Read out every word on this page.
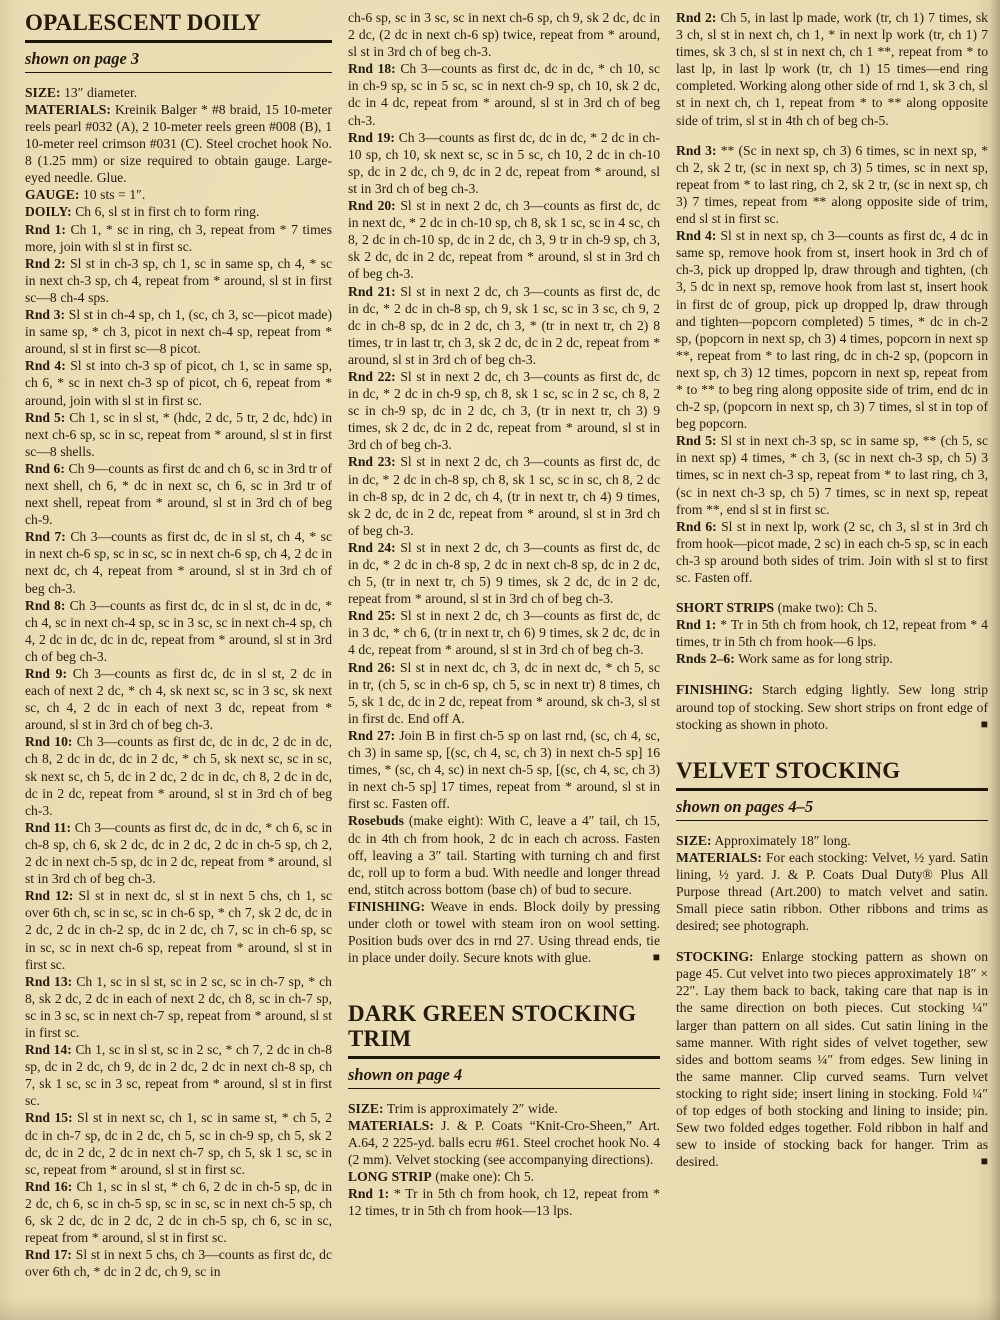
OPALESCENT DOILY
shown on page 3

SIZE: 13″ diameter.

MATERIALS: Kreinik Balger * #8 braid, 15 10-meter reels pearl #032 (A), 2 10-meter reels green #008 (B), 1 10-meter reel crimson #031 (C). Steel crochet hook No. 8 (1.25 mm) or size required to obtain gauge. Large-eyed needle. Glue.

GAUGE: 10 sts = 1″.

DOILY: Ch 6, sl st in first ch to form ring.

Rnd 1: Ch 1, * sc in ring, ch 3, repeat from * 7 times more, join with sl st in first sc.

Rnd 2: Sl st in ch-3 sp, ch 1, sc in same sp, ch 4, * sc in next ch-3 sp, ch 4, repeat from * around, sl st in first sc—8 ch-4 sps.

Rnd 3: Sl st in ch-4 sp, ch 1, (sc, ch 3, sc—picot made) in same sp, * ch 3, picot in next ch-4 sp, repeat from * around, sl st in first sc—8 picot.

Rnd 4: Sl st into ch-3 sp of picot, ch 1, sc in same sp, ch 6, * sc in next ch-3 sp of picot, ch 6, repeat from * around, join with sl st in first sc.

Rnd 5: Ch 1, sc in sl st, * (hdc, 2 dc, 5 tr, 2 dc, hdc) in next ch-6 sp, sc in sc, repeat from * around, sl st in first sc—8 shells.

Rnd 6: Ch 9—counts as first dc and ch 6, sc in 3rd tr of next shell, ch 6, * dc in next sc, ch 6, sc in 3rd tr of next shell, repeat from * around, sl st in 3rd ch of beg ch-9.

Rnd 7: Ch 3—counts as first dc, dc in sl st, ch 4, * sc in next ch-6 sp, sc in sc, sc in next ch-6 sp, ch 4, 2 dc in next dc, ch 4, repeat from * around, sl st in 3rd ch of beg ch-3.

Rnd 8: Ch 3—counts as first dc, dc in sl st, dc in dc, * ch 4, sc in next ch-4 sp, sc in 3 sc, sc in next ch-4 sp, ch 4, 2 dc in dc, dc in dc, repeat from * around, sl st in 3rd ch of beg ch-3.

Rnd 9: Ch 3—counts as first dc, dc in sl st, 2 dc in each of next 2 dc, * ch 4, sk next sc, sc in 3 sc, sk next sc, ch 4, 2 dc in each of next 3 dc, repeat from * around, sl st in 3rd ch of beg ch-3.

Rnd 10: Ch 3—counts as first dc, dc in dc, 2 dc in dc, ch 8, 2 dc in dc, dc in 2 dc, * ch 5, sk next sc, sc in sc, sk next sc, ch 5, dc in 2 dc, 2 dc in dc, ch 8, 2 dc in dc, dc in 2 dc, repeat from * around, sl st in 3rd ch of beg ch-3.

Rnd 11: Ch 3—counts as first dc, dc in dc, * ch 6, sc in ch-8 sp, ch 6, sk 2 dc, dc in 2 dc, 2 dc in ch-5 sp, ch 2, 2 dc in next ch-5 sp, dc in 2 dc, repeat from * around, sl st in 3rd ch of beg ch-3.

Rnd 12: Sl st in next dc, sl st in next 5 chs, ch 1, sc over 6th ch, sc in sc, sc in ch-6 sp, * ch 7, sk 2 dc, dc in 2 dc, 2 dc in ch-2 sp, dc in 2 dc, ch 7, sc in ch-6 sp, sc in sc, sc in next ch-6 sp, repeat from * around, sl st in first sc.

Rnd 13: Ch 1, sc in sl st, sc in 2 sc, sc in ch-7 sp, * ch 8, sk 2 dc, 2 dc in each of next 2 dc, ch 8, sc in ch-7 sp, sc in 3 sc, sc in next ch-7 sp, repeat from * around, sl st in first sc.

Rnd 14: Ch 1, sc in sl st, sc in 2 sc, * ch 7, 2 dc in ch-8 sp, dc in 2 dc, ch 9, dc in 2 dc, 2 dc in next ch-8 sp, ch 7, sk 1 sc, sc in 3 sc, repeat from * around, sl st in first sc.

Rnd 15: Sl st in next sc, ch 1, sc in same st, * ch 5, 2 dc in ch-7 sp, dc in 2 dc, ch 5, sc in ch-9 sp, ch 5, sk 2 dc, dc in 2 dc, 2 dc in next ch-7 sp, ch 5, sk 1 sc, sc in sc, repeat from * around, sl st in first sc.

Rnd 16: Ch 1, sc in sl st, * ch 6, 2 dc in ch-5 sp, dc in 2 dc, ch 6, sc in ch-5 sp, sc in sc, sc in next ch-5 sp, ch 6, sk 2 dc, dc in 2 dc, 2 dc in ch-5 sp, ch 6, sc in sc, repeat from * around, sl st in first sc.

Rnd 17: Sl st in next 5 chs, ch 3—counts as first dc, dc over 6th ch, * dc in 2 dc, ch 9, sc in

ch-6 sp, sc in 3 sc, sc in next ch-6 sp, ch 9, sk 2 dc, dc in 2 dc, (2 dc in next ch-6 sp) twice, repeat from * around, sl st in 3rd ch of beg ch-3.

Rnd 18: Ch 3—counts as first dc, dc in dc, * ch 10, sc in ch-9 sp, sc in 5 sc, sc in next ch-9 sp, ch 10, sk 2 dc, dc in 4 dc, repeat from * around, sl st in 3rd ch of beg ch-3.

Rnd 19: Ch 3—counts as first dc, dc in dc, * 2 dc in ch-10 sp, ch 10, sk next sc, sc in 5 sc, ch 10, 2 dc in ch-10 sp, dc in 2 dc, ch 9, dc in 2 dc, repeat from * around, sl st in 3rd ch of beg ch-3.

Rnd 20: Sl st in next 2 dc, ch 3—counts as first dc, dc in next dc, * 2 dc in ch-10 sp, ch 8, sk 1 sc, sc in 4 sc, ch 8, 2 dc in ch-10 sp, dc in 2 dc, ch 3, 9 tr in ch-9 sp, ch 3, sk 2 dc, dc in 2 dc, repeat from * around, sl st in 3rd ch of beg ch-3.

Rnd 21: Sl st in next 2 dc, ch 3—counts as first dc, dc in dc, * 2 dc in ch-8 sp, ch 9, sk 1 sc, sc in 3 sc, ch 9, 2 dc in ch-8 sp, dc in 2 dc, ch 3, * (tr in next tr, ch 2) 8 times, tr in last tr, ch 3, sk 2 dc, dc in 2 dc, repeat from * around, sl st in 3rd ch of beg ch-3.

Rnd 22: Sl st in next 2 dc, ch 3—counts as first dc, dc in dc, * 2 dc in ch-9 sp, ch 8, sk 1 sc, sc in 2 sc, ch 8, 2 sc in ch-9 sp, dc in 2 dc, ch 3, (tr in next tr, ch 3) 9 times, sk 2 dc, dc in 2 dc, repeat from * around, sl st in 3rd ch of beg ch-3.

Rnd 23: Sl st in next 2 dc, ch 3—counts as first dc, dc in dc, * 2 dc in ch-8 sp, ch 8, sk 1 sc, sc in sc, ch 8, 2 dc in ch-8 sp, dc in 2 dc, ch 4, (tr in next tr, ch 4) 9 times, sk 2 dc, dc in 2 dc, repeat from * around, sl st in 3rd ch of beg ch-3.

Rnd 24: Sl st in next 2 dc, ch 3—counts as first dc, dc in dc, * 2 dc in ch-8 sp, 2 dc in next ch-8 sp, dc in 2 dc, ch 5, (tr in next tr, ch 5) 9 times, sk 2 dc, dc in 2 dc, repeat from * around, sl st in 3rd ch of beg ch-3.

Rnd 25: Sl st in next 2 dc, ch 3—counts as first dc, dc in 3 dc, * ch 6, (tr in next tr, ch 6) 9 times, sk 2 dc, dc in 4 dc, repeat from * around, sl st in 3rd ch of beg ch-3.

Rnd 26: Sl st in next dc, ch 3, dc in next dc, * ch 5, sc in tr, (ch 5, sc in ch-6 sp, ch 5, sc in next tr) 8 times, ch 5, sk 1 dc, dc in 2 dc, repeat from * around, sk ch-3, sl st in first dc. End off A.

Rnd 27: Join B in first ch-5 sp on last rnd, (sc, ch 4, sc, ch 3) in same sp, [(sc, ch 4, sc, ch 3) in next ch-5 sp] 16 times, * (sc, ch 4, sc) in next ch-5 sp, [(sc, ch 4, sc, ch 3) in next ch-5 sp] 17 times, repeat from * around, sl st in first sc. Fasten off.

Rosebuds (make eight): With C, leave a 4″ tail, ch 15, dc in 4th ch from hook, 2 dc in each ch across. Fasten off, leaving a 3″ tail. Starting with turning ch and first dc, roll up to form a bud. With needle and longer thread end, stitch across bottom (base ch) of bud to secure.

FINISHING: Weave in ends. Block doily by pressing under cloth or towel with steam iron on wool setting. Position buds over dcs in rnd 27. Using thread ends, tie in place under doily. Secure knots with glue.	■

DARK GREEN STOCKING TRIM
shown on page 4

SIZE: Trim is approximately 2″ wide.

MATERIALS: J. & P. Coats “Knit-Cro-Sheen,” Art. A.64, 2 225-yd. balls ecru #61. Steel crochet hook No. 4 (2 mm). Velvet stocking (see accompanying directions).

LONG STRIP (make one): Ch 5.

Rnd 1: * Tr in 5th ch from hook, ch 12, repeat from * 12 times, tr in 5th ch from hook—13 lps.

Rnd 2: Ch 5, in last lp made, work (tr, ch 1) 7 times, sk 3 ch, sl st in next ch, ch 1, * in next lp work (tr, ch 1) 7 times, sk 3 ch, sl st in next ch, ch 1 **, repeat from * to last lp, in last lp work (tr, ch 1) 15 times—end ring completed. Working along other side of rnd 1, sk 3 ch, sl st in next ch, ch 1, repeat from * to ** along opposite side of trim, sl st in 4th ch of beg ch-5.

Rnd 3: ** (Sc in next sp, ch 3) 6 times, sc in next sp, * ch 2, sk 2 tr, (sc in next sp, ch 3) 5 times, sc in next sp, repeat from * to last ring, ch 2, sk 2 tr, (sc in next sp, ch 3) 7 times, repeat from ** along opposite side of trim, end sl st in first sc.

Rnd 4: Sl st in next sp, ch 3—counts as first dc, 4 dc in same sp, remove hook from st, insert hook in 3rd ch of ch-3, pick up dropped lp, draw through and tighten, (ch 3, 5 dc in next sp, remove hook from last st, insert hook in first dc of group, pick up dropped lp, draw through and tighten—popcorn completed) 5 times, * dc in ch-2 sp, (popcorn in next sp, ch 3) 4 times, popcorn in next sp **, repeat from * to last ring, dc in ch-2 sp, (popcorn in next sp, ch 3) 12 times, popcorn in next sp, repeat from * to ** to beg ring along opposite side of trim, end dc in ch-2 sp, (popcorn in next sp, ch 3) 7 times, sl st in top of beg popcorn.

Rnd 5: Sl st in next ch-3 sp, sc in same sp, ** (ch 5, sc in next sp) 4 times, * ch 3, (sc in next ch-3 sp, ch 5) 3 times, sc in next ch-3 sp, repeat from * to last ring, ch 3, (sc in next ch-3 sp, ch 5) 7 times, sc in next sp, repeat from **, end sl st in first sc.

Rnd 6: Sl st in next lp, work (2 sc, ch 3, sl st in 3rd ch from hook—picot made, 2 sc) in each ch-5 sp, sc in each ch-3 sp around both sides of trim. Join with sl st to first sc. Fasten off.

SHORT STRIPS (make two): Ch 5.

Rnd 1: * Tr in 5th ch from hook, ch 12, repeat from * 4 times, tr in 5th ch from hook—6 lps.

Rnds 2–6: Work same as for long strip.

FINISHING: Starch edging lightly. Sew long strip around top of stocking. Sew short strips on front edge of stocking as shown in photo.	■

VELVET STOCKING
shown on pages 4–5

SIZE: Approximately 18″ long.

MATERIALS: For each stocking: Velvet, ½ yard. Satin lining, ½ yard. J. & P. Coats Dual Duty® Plus All Purpose thread (Art.200) to match velvet and satin. Small piece satin ribbon. Other ribbons and trims as desired; see photograph.

STOCKING: Enlarge stocking pattern as shown on page 45. Cut velvet into two pieces approximately 18″ × 22″. Lay them back to back, taking care that nap is in the same direction on both pieces. Cut stocking ¼″ larger than pattern on all sides. Cut satin lining in the same manner. With right sides of velvet together, sew sides and bottom seams ¼″ from edges. Sew lining in the same manner. Clip curved seams. Turn velvet stocking to right side; insert lining in stocking. Fold ¼″ of top edges of both stocking and lining to inside; pin. Sew two folded edges together. Fold ribbon in half and sew to inside of stocking back for hanger. Trim as desired.	■
